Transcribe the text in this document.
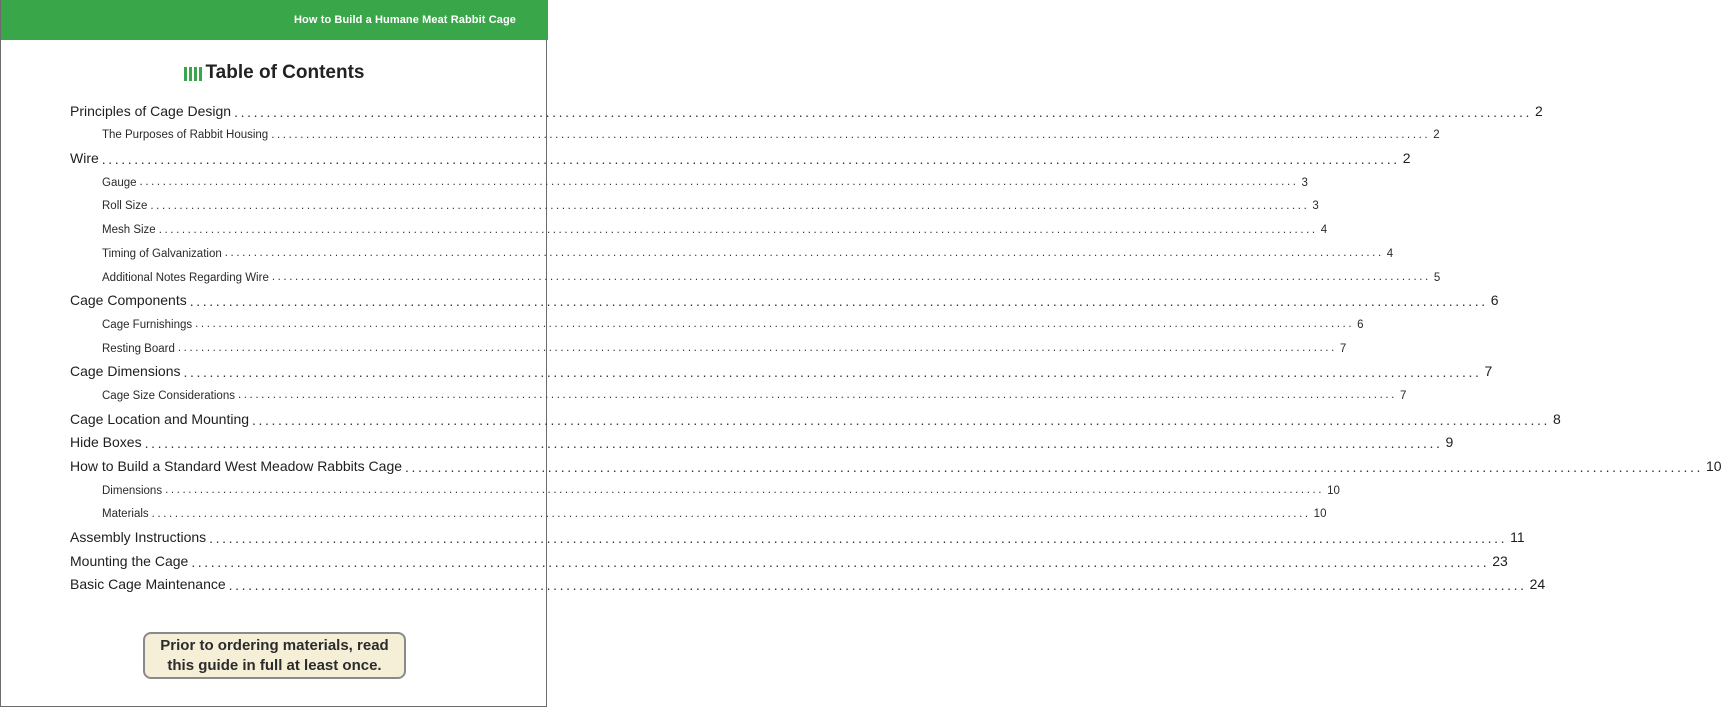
How to Build a Humane Meat Rabbit Cage
Table of Contents
Principles of Cage Design ........................................................................................................................................................................................................ 2
The Purposes of Rabbit Housing ........................................................................................................................................................................................................ 2
Wire ........................................................................................................................................................................................................ 2
Gauge ........................................................................................................................................................................................................ 3
Roll Size ........................................................................................................................................................................................................ 3
Mesh Size ........................................................................................................................................................................................................ 4
Timing of Galvanization ........................................................................................................................................................................................................ 4
Additional Notes Regarding Wire ........................................................................................................................................................................................................ 5
Cage Components ........................................................................................................................................................................................................ 6
Cage Furnishings ........................................................................................................................................................................................................ 6
Resting Board ........................................................................................................................................................................................................ 7
Cage Dimensions ........................................................................................................................................................................................................ 7
Cage Size Considerations ........................................................................................................................................................................................................ 7
Cage Location and Mounting ........................................................................................................................................................................................................ 8
Hide Boxes ........................................................................................................................................................................................................ 9
How to Build a Standard West Meadow Rabbits Cage ........................................................................................................................................................................................................ 10
Dimensions ........................................................................................................................................................................................................ 10
Materials ........................................................................................................................................................................................................ 10
Assembly Instructions ........................................................................................................................................................................................................ 11
Mounting the Cage ........................................................................................................................................................................................................ 23
Basic Cage Maintenance ........................................................................................................................................................................................................ 24
Prior to ordering materials, read
this guide in full at least once.
